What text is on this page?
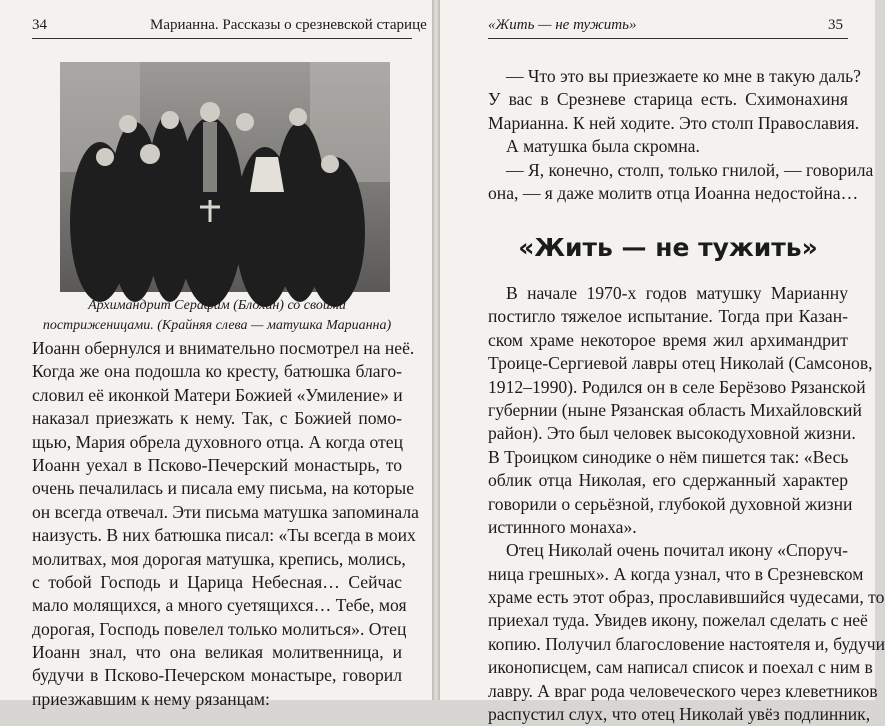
34	Марианна. Рассказы о срезневской старице
Архимандрит Серафим (Блохин) со своими
постриженицами. (Крайняя слева — матушка Марианна)
Иоанн обернулся и внимательно посмотрел на неё.
Когда же она подошла ко кресту, батюшка благо-
словил её иконкой Матери Божией «Умиление» и
наказал приезжать к нему. Так, с Божией помо-
щью, Мария обрела духовного отца. А когда отец
Иоанн уехал в Псково-Печерский монастырь, то
очень печалилась и писала ему письма, на которые
он всегда отвечал. Эти письма матушка запоминала
наизусть. В них батюшка писал: «Ты всегда в моих
молитвах, моя дорогая матушка, крепись, молись,
с тобой Господь и Царица Небесная… Сейчас
мало молящихся, а много суетящихся… Тебе, моя
дорогая, Господь повелел только молиться». Отец
Иоанн знал, что она великая молитвенница, и
будучи в Псково-Печерском монастыре, говорил
приезжавшим к нему рязанцам:
«Жить — не тужить»	35
— Что это вы приезжаете ко мне в такую даль?
У вас в Срезневе старица есть. Схимонахиня
Марианна. К ней ходите. Это столп Православия.
А матушка была скромна.
— Я, конечно, столп, только гнилой, — говорила
она, — я даже молитв отца Иоанна недостойна…
«Жить — не тужить»
В начале 1970-х годов матушку Марианну
постигло тяжелое испытание. Тогда при Казан-
ском храме некоторое время жил архимандрит
Троице-Сергиевой лавры отец Николай (Самсонов,
1912–1990). Родился он в селе Берёзово Рязанской
губернии (ныне Рязанская область Михайловский
район). Это был человек высокодуховной жизни.
В Троицком синодике о нём пишется так: «Весь
облик отца Николая, его сдержанный характер
говорили о серьёзной, глубокой духовной жизни
истинного монаха».
Отец Николай очень почитал икону «Споруч-
ница грешных». А когда узнал, что в Срезневском
храме есть этот образ, прославившийся чудесами, то
приехал туда. Увидев икону, пожелал сделать с неё
копию. Получил благословение настоятеля и, будучи
иконописцем, сам написал список и поехал с ним в
лавру. А враг рода человеческого через клеветников
распустил слух, что отец Николай увёз подлинник,
